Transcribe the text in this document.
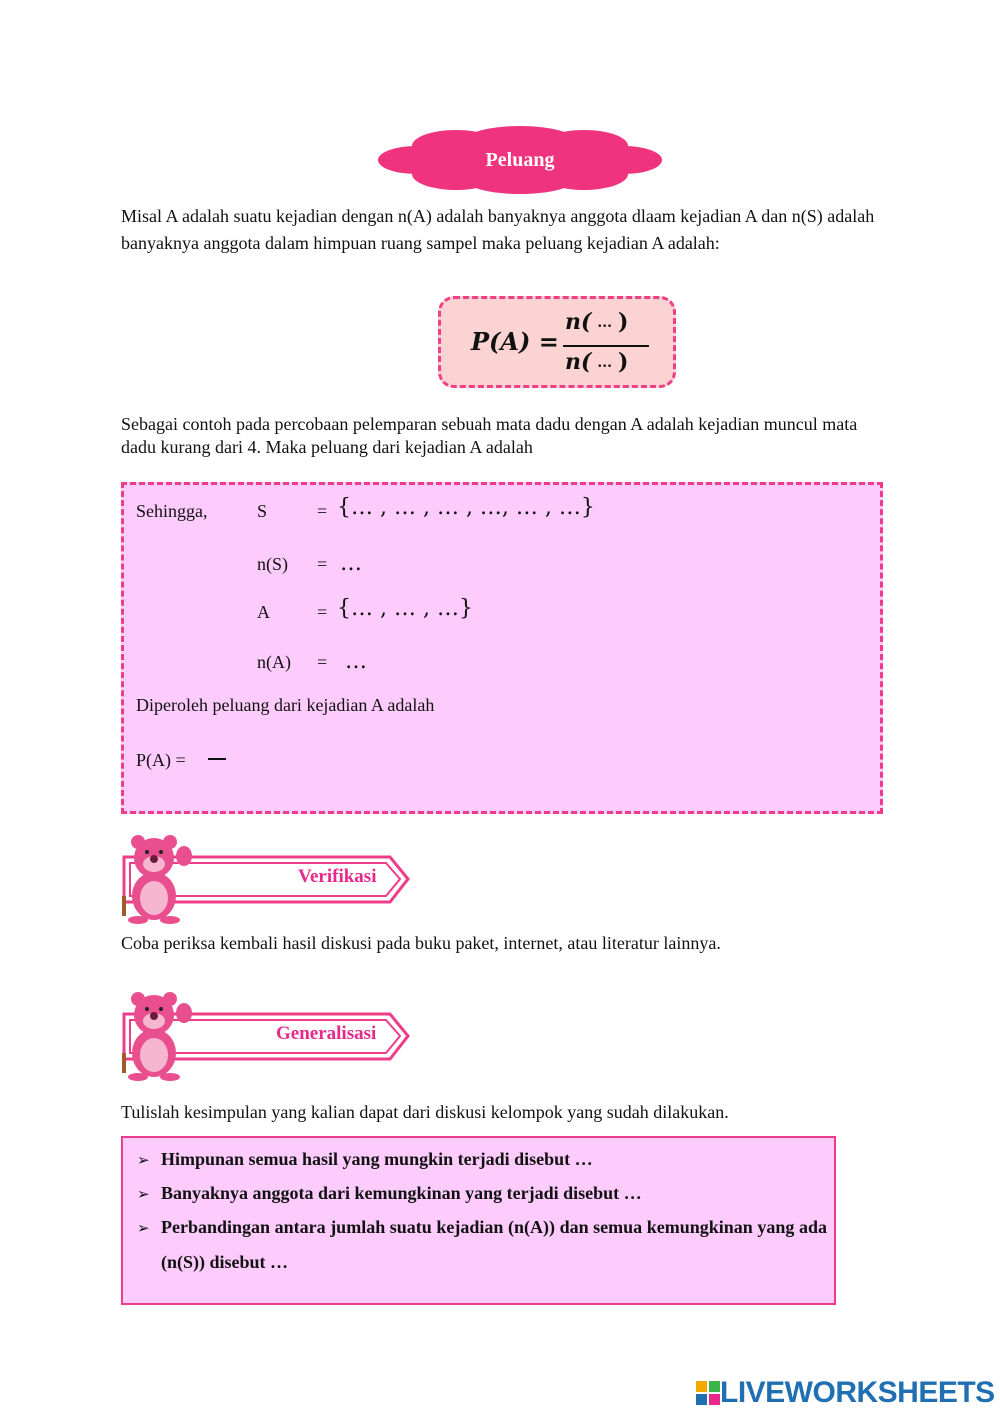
Peluang
Misal A adalah suatu kejadian dengan n(A) adalah banyaknya anggota dlaam kejadian A dan n(S) adalah banyaknya anggota dalam himpuan ruang sampel maka peluang kejadian A adalah:
P(A) =
n( ... )
n( ... )
Sebagai contoh pada percobaan pelemparan sebuah mata dadu dengan A adalah kejadian muncul mata dadu kurang dari 4. Maka peluang dari kejadian A adalah
Sehingga,	S	= {… , … , … , …, … , …}
n(S) = …
A	= {… , … , …}
n(A) = …
Diperoleh peluang dari kejadian A adalah
P(A) =
Verifikasi
Coba periksa kembali hasil diskusi pada buku paket, internet, atau literatur lainnya.
Generalisasi
Tulislah kesimpulan yang kalian dapat dari diskusi kelompok yang sudah dilakukan.
➢ Himpunan semua hasil yang mungkin terjadi disebut …
➢ Banyaknya anggota dari kemungkinan yang terjadi disebut …
➢ Perbandingan antara jumlah suatu kejadian (n(A)) dan semua kemungkinan yang ada (n(S)) disebut …
LIVEWORKSHEETS
